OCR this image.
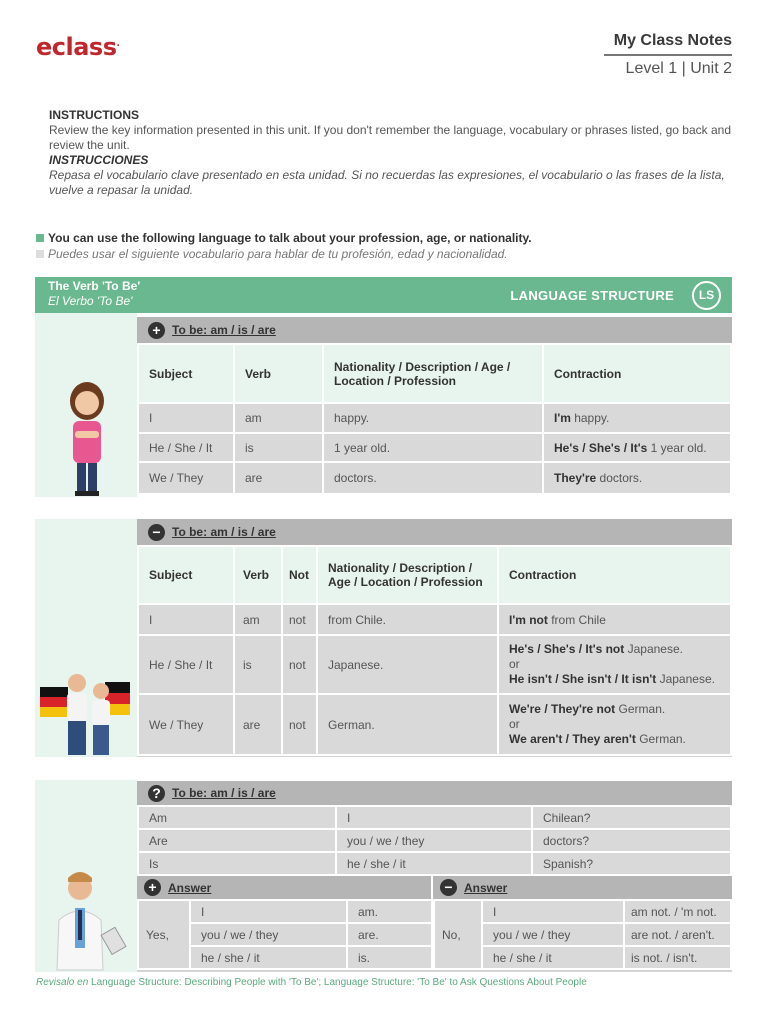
eclass.	My Class Notes
Level 1 | Unit 2
INSTRUCTIONS
Review the key information presented in this unit. If you don't remember the language, vocabulary or phrases listed, go back and review the unit.
INSTRUCCIONES
Repasa el vocabulario clave presentado en esta unidad. Si no recuerdas las expresiones, el vocabulario o las frases de la lista, vuelve a repasar la unidad.
You can use the following language to talk about your profession, age, or nationality.
Puedes usar el siguiente vocabulario para hablar de tu profesión, edad y nacionalidad.
The Verb 'To Be'
El Verbo 'To Be'	LANGUAGE STRUCTURE	LS
+ To be: am / is / are
Subject	Verb	Nationality / Description / Age / Location / Profession	Contraction
I	am	happy.	I'm happy.
He / She / It	is	1 year old.	He's / She's / It's 1 year old.
We / They	are	doctors.	They're doctors.
− To be: am / is / are
Subject	Verb	Not	Nationality / Description / Age / Location / Profession	Contraction
I	am	not	from Chile.	I'm not from Chile
He / She / It	is	not	Japanese.	He's / She's / It's not Japanese.
or
He isn't / She isn't / It isn't Japanese.

We / They	are	not	German.	We're / They're not German.
or
We aren't / They aren't German.
? To be: am / is / are
Am	I	Chilean?
Are	you / we / they	doctors?
Is	he / she / it	Spanish?
+ Answer	− Answer
Yes,	I	am.
	you / we / they	are.
	he / she / it	is.
No,	I	am not. / 'm not.
	you / we / they	are not. / aren't.
	he / she / it	is not. / isn't.
Revisalo en Language Structure: Describing People with 'To Be'; Language Structure: 'To Be' to Ask Questions About People
